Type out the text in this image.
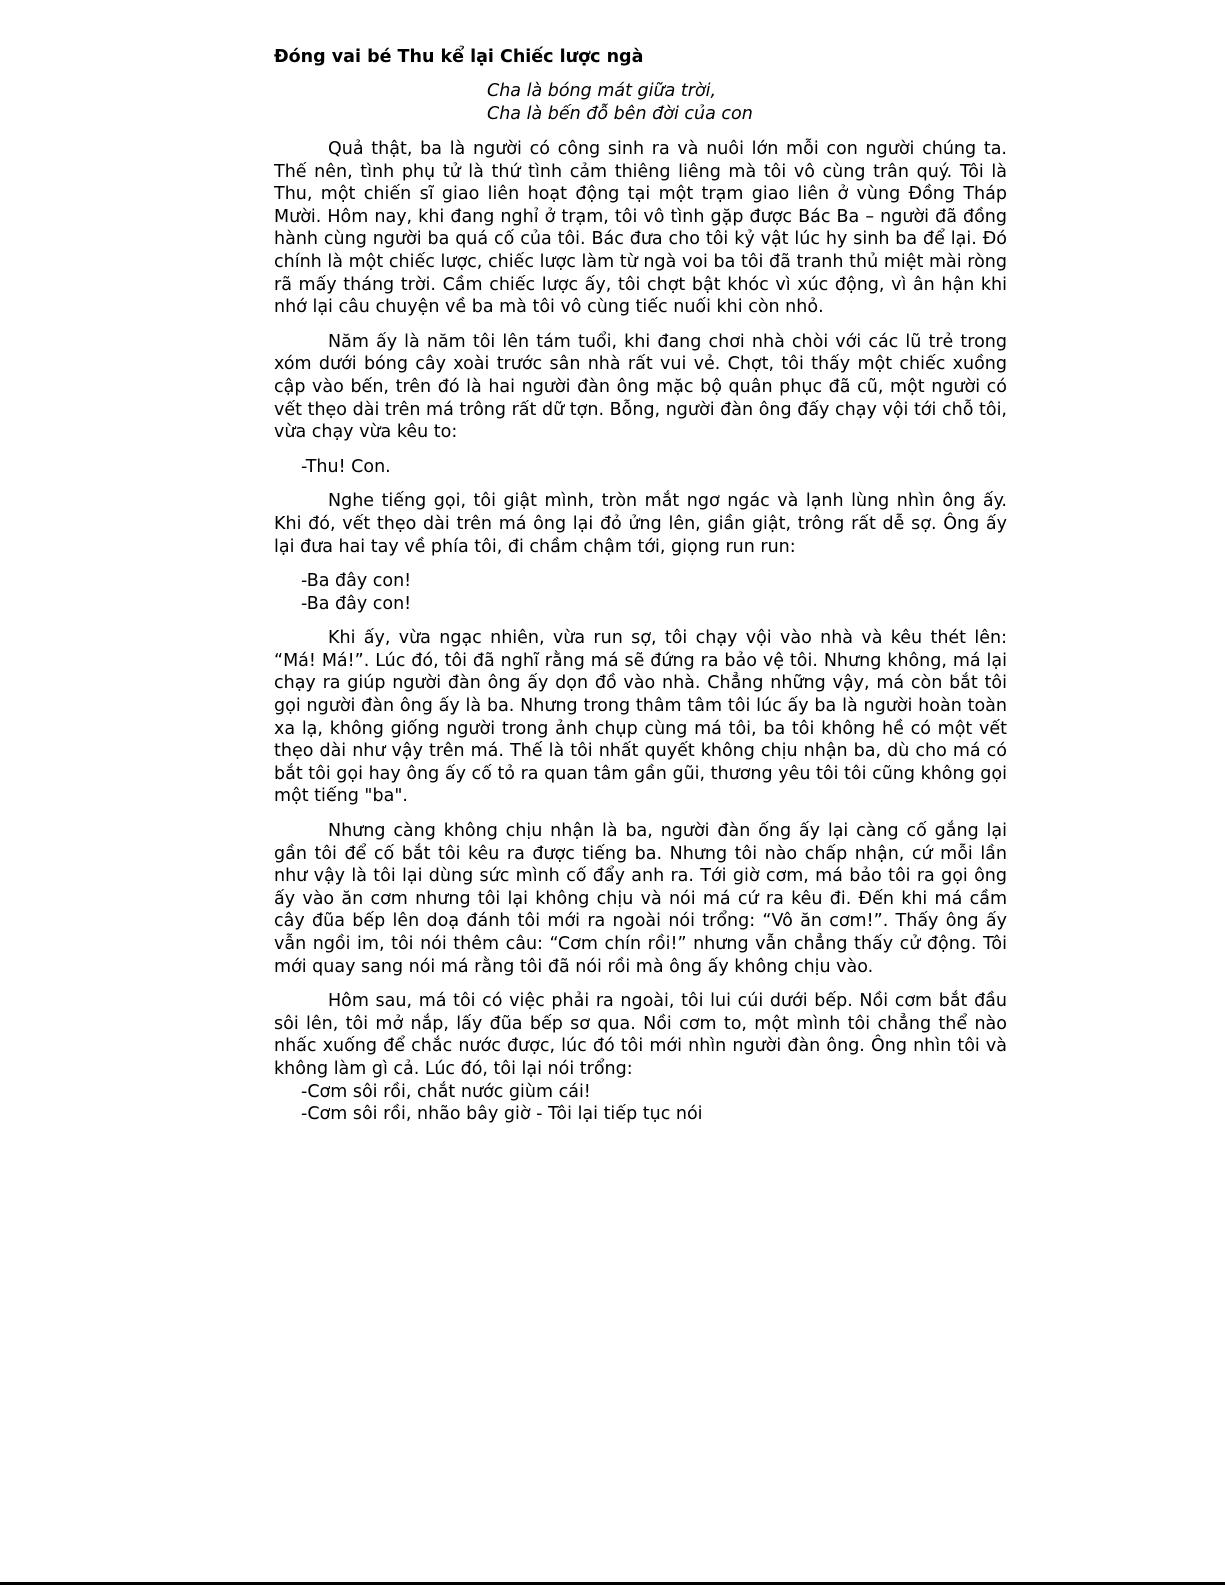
Đóng vai bé Thu kể lại Chiếc lược ngà
Cha là bóng mát giữa trời,
Cha là bến đỗ bên đời của con

Quả thật, ba là người có công sinh ra và nuôi lớn mỗi con người chúng ta. Thế nên, tình phụ tử là thứ tình cảm thiêng liêng mà tôi vô cùng trân quý. Tôi là Thu, một chiến sĩ giao liên hoạt động tại một trạm giao liên ở vùng Đồng Tháp Mười. Hôm nay, khi đang nghỉ ở trạm, tôi vô tình gặp được Bác Ba – người đã đồng hành cùng người ba quá cố của tôi. Bác đưa cho tôi kỷ vật lúc hy sinh ba để lại. Đó chính là một chiếc lược, chiếc lược làm từ ngà voi ba tôi đã tranh thủ miệt mài ròng rã mấy tháng trời. Cầm chiếc lược ấy, tôi chợt bật khóc vì xúc động, vì ân hận khi nhớ lại câu chuyện về ba mà tôi vô cùng tiếc nuối khi còn nhỏ.

Năm ấy là năm tôi lên tám tuổi, khi đang chơi nhà chòi với các lũ trẻ trong xóm dưới bóng cây xoài trước sân nhà rất vui vẻ. Chợt, tôi thấy một chiếc xuồng cập vào bến, trên đó là hai người đàn ông mặc bộ quân phục đã cũ, một người có vết thẹo dài trên má trông rất dữ tợn. Bỗng, người đàn ông đấy chạy vội tới chỗ tôi, vừa chạy vừa kêu to:

-Thu! Con.

Nghe tiếng gọi, tôi giật mình, tròn mắt ngơ ngác và lạnh lùng nhìn ông ấy. Khi đó, vết thẹo dài trên má ông lại đỏ ửng lên, giần giật, trông rất dễ sợ. Ông ấy lại đưa hai tay về phía tôi, đi chầm chậm tới, giọng run run:

-Ba đây con!
-Ba đây con!

Khi ấy, vừa ngạc nhiên, vừa run sợ, tôi chạy vội vào nhà và kêu thét lên: “Má! Má!”. Lúc đó, tôi đã nghĩ rằng má sẽ đứng ra bảo vệ tôi. Nhưng không, má lại chạy ra giúp người đàn ông ấy dọn đồ vào nhà. Chẳng những vậy, má còn bắt tôi gọi người đàn ông ấy là ba. Nhưng trong thâm tâm tôi lúc ấy ba là người hoàn toàn xa lạ, không giống người trong ảnh chụp cùng má tôi, ba tôi không hề có một vết thẹo dài như vậy trên má. Thế là tôi nhất quyết không chịu nhận ba, dù cho má có bắt tôi gọi hay ông ấy cố tỏ ra quan tâm gần gũi, thương yêu tôi tôi cũng không gọi một tiếng "ba".

Nhưng càng không chịu nhận là ba, người đàn ống ấy lại càng cố gắng lại gần tôi để cố bắt tôi kêu ra được tiếng ba. Nhưng tôi nào chấp nhận, cứ mỗi lần như vậy là tôi lại dùng sức mình cố đẩy anh ra. Tới giờ cơm, má bảo tôi ra gọi ông ấy vào ăn cơm nhưng tôi lại không chịu và nói má cứ ra kêu đi. Đến khi má cầm cây đũa bếp lên doạ đánh tôi mới ra ngoài nói trổng: “Vô ăn cơm!”. Thấy ông ấy vẫn ngồi im, tôi nói thêm câu: “Cơm chín rồi!” nhưng vẫn chẳng thấy cử động. Tôi mới quay sang nói má rằng tôi đã nói rồi mà ông ấy không chịu vào.

Hôm sau, má tôi có việc phải ra ngoài, tôi lui cúi dưới bếp. Nồi cơm bắt đầu sôi lên, tôi mở nắp, lấy đũa bếp sơ qua. Nồi cơm to, một mình tôi chẳng thể nào nhấc xuống để chắc nước được, lúc đó tôi mới nhìn người đàn ông. Ông nhìn tôi và không làm gì cả. Lúc đó, tôi lại nói trổng:

-Cơm sôi rồi, chắt nước giùm cái!
-Cơm sôi rồi, nhão bây giờ - Tôi lại tiếp tục nói
